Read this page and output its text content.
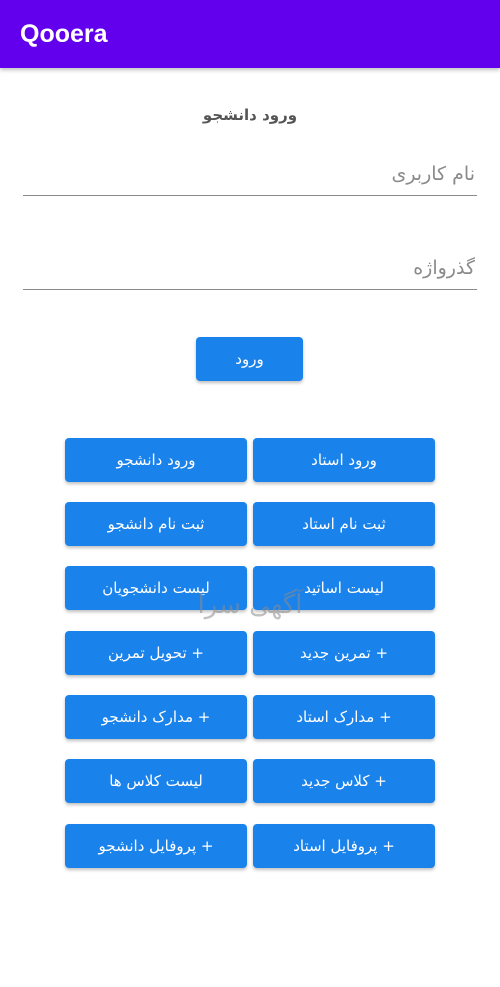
Qooera
ورود دانشجو
نام کاربری
ورود
ورود استاد
ورود دانشجو
ثبت نام استاد
ثبت نام دانشجو
لیست اساتید
لیست دانشجویان
+ تمرین جدید
+ تحویل تمرین
+ مدارک استاد
+ مدارک دانشجو
+ کلاس جدید
لیست کلاس ها
+ پروفایل استاد
+ پروفایل دانشجو
آگهی سرا
